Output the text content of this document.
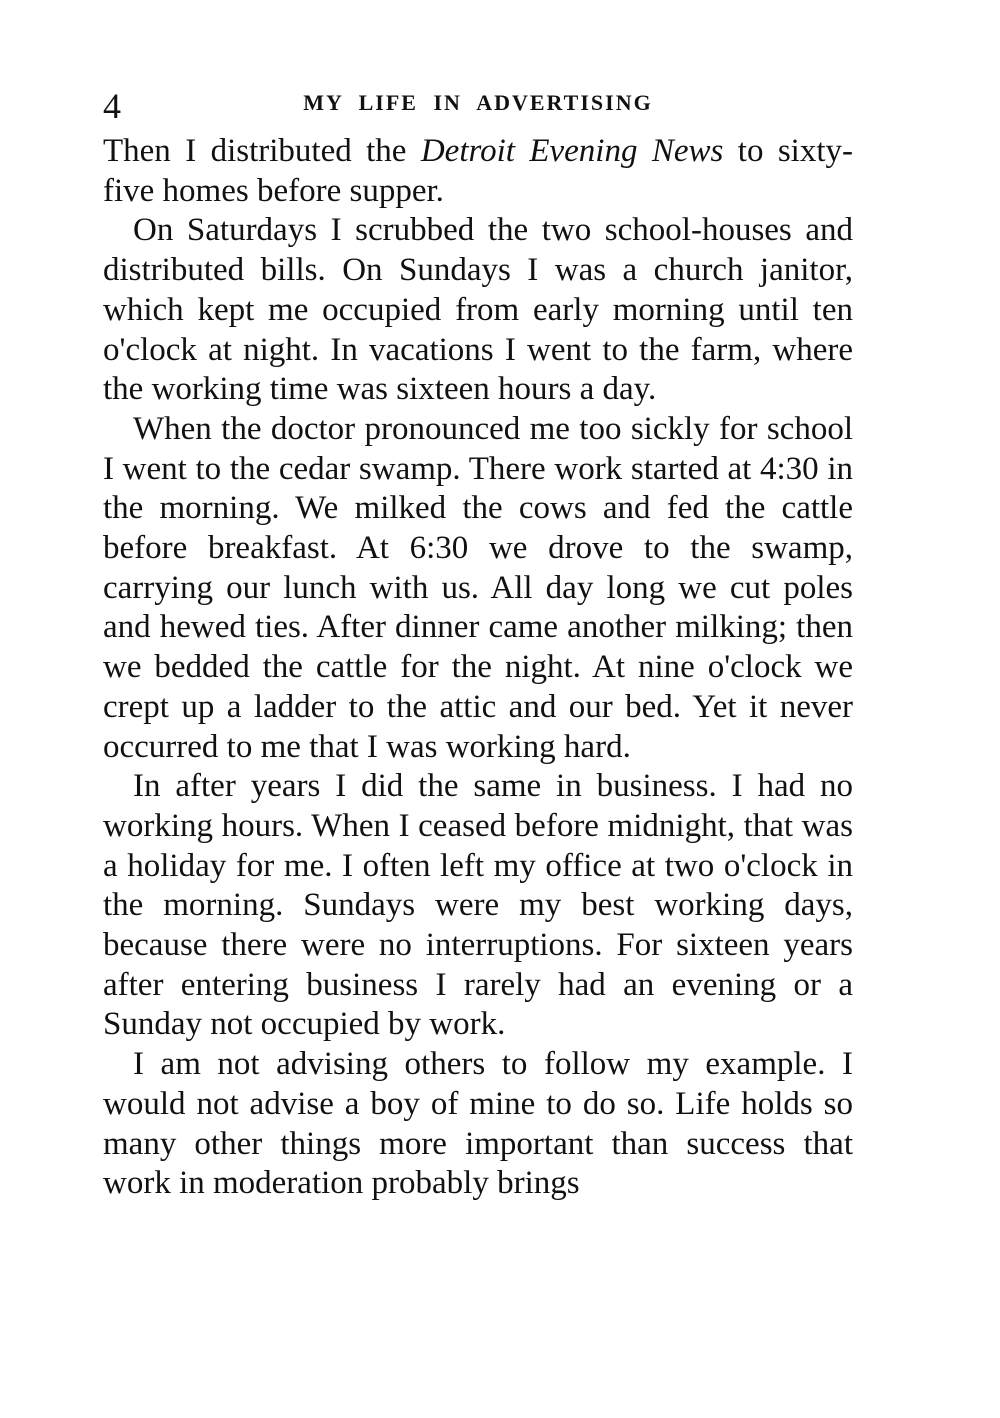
4	MY LIFE IN ADVERTISING

Then I distributed the Detroit Evening News to sixty-five homes before supper.

On Saturdays I scrubbed the two school-houses and distributed bills. On Sundays I was a church janitor, which kept me occupied from early morning until ten o'clock at night. In vacations I went to the farm, where the working time was sixteen hours a day.

When the doctor pronounced me too sickly for school I went to the cedar swamp. There work started at 4:30 in the morning. We milked the cows and fed the cattle before breakfast. At 6:30 we drove to the swamp, carrying our lunch with us. All day long we cut poles and hewed ties. After dinner came another milking; then we bedded the cattle for the night. At nine o'clock we crept up a ladder to the attic and our bed. Yet it never occurred to me that I was working hard.

In after years I did the same in business. I had no working hours. When I ceased before midnight, that was a holiday for me. I often left my office at two o'clock in the morning. Sundays were my best working days, because there were no interruptions. For sixteen years after entering business I rarely had an evening or a Sunday not occupied by work.

I am not advising others to follow my example. I would not advise a boy of mine to do so. Life holds so many other things more important than success that work in moderation probably brings
